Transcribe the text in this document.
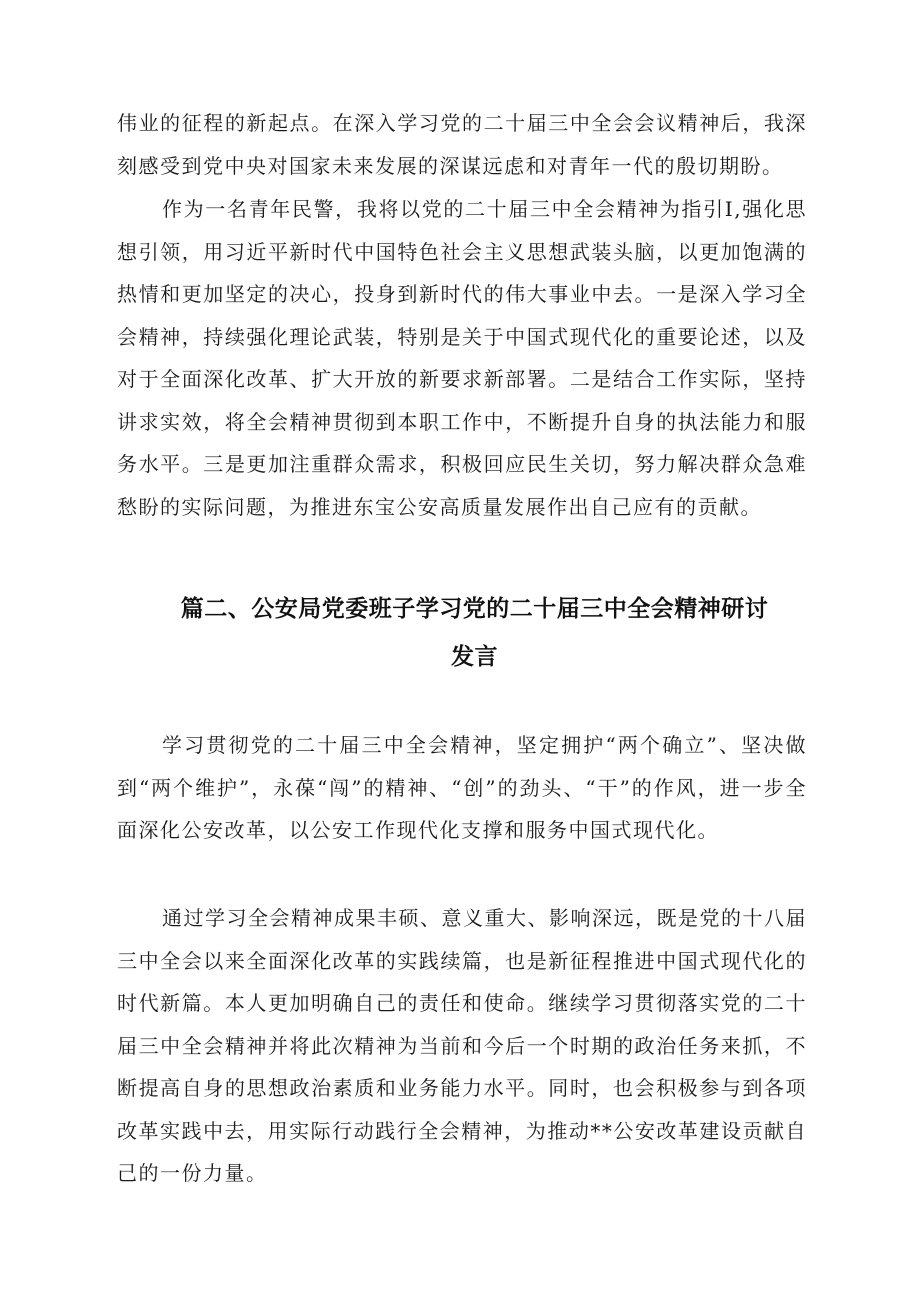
伟业的征程的新起点。在深入学习党的二十届三中全会会议精神后，我深刻感受到党中央对国家未来发展的深谋远虑和对青年一代的殷切期盼。

作为一名青年民警，我将以党的二十届三中全会精神为指引I,强化思想引领，用习近平新时代中国特色社会主义思想武装头脑，以更加饱满的热情和更加坚定的决心，投身到新时代的伟大事业中去。一是深入学习全会精神，持续强化理论武装，特别是关于中国式现代化的重要论述，以及对于全面深化改革、扩大开放的新要求新部署。二是结合工作实际，坚持讲求实效，将全会精神贯彻到本职工作中，不断提升自身的执法能力和服务水平。三是更加注重群众需求，积极回应民生关切，努力解决群众急难愁盼的实际问题，为推进东宝公安高质量发展作出自己应有的贡献。

篇二、公安局党委班子学习党的二十届三中全会精神研讨
发言

学习贯彻党的二十届三中全会精神，坚定拥护“两个确立”、坚决做到“两个维护”，永葆“闯”的精神、“创”的劲头、“干”的作风，进一步全面深化公安改革，以公安工作现代化支撑和服务中国式现代化。

通过学习全会精神成果丰硕、意义重大、影响深远，既是党的十八届三中全会以来全面深化改革的实践续篇，也是新征程推进中国式现代化的时代新篇。本人更加明确自己的责任和使命。继续学习贯彻落实党的二十届三中全会精神并将此次精神为当前和今后一个时期的政治任务来抓，不断提高自身的思想政治素质和业务能力水平。同时，也会积极参与到各项改革实践中去，用实际行动践行全会精神，为推动**公安改革建设贡献自己的一份力量。
